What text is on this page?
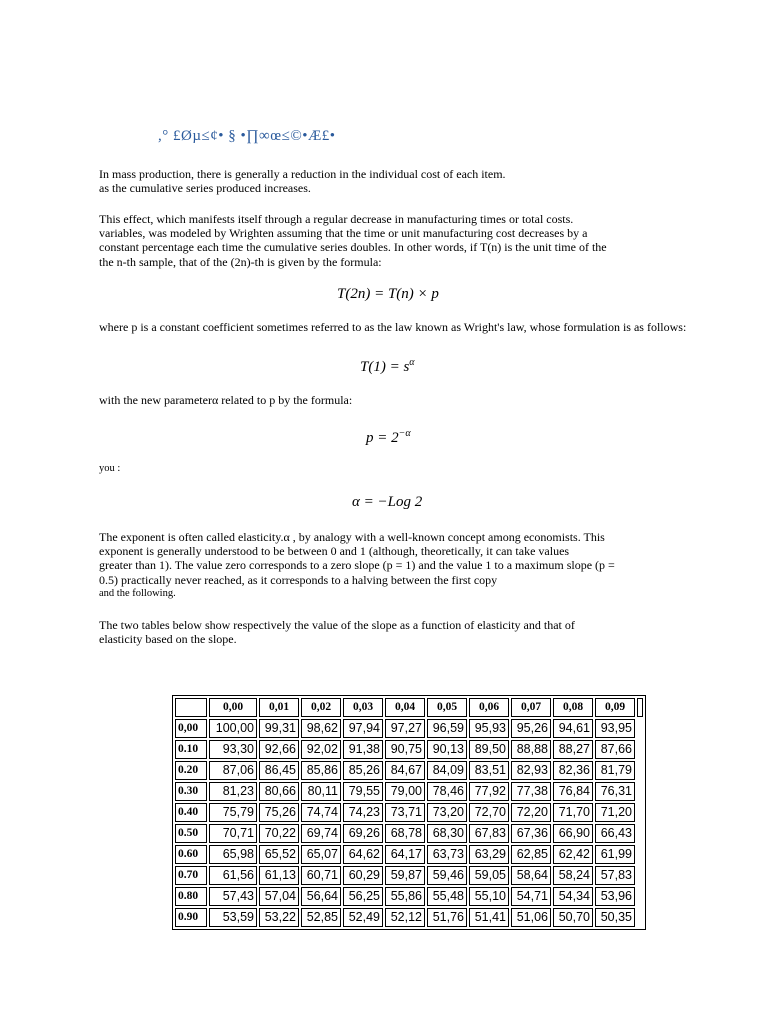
,° £Øµ≤¢• § •∏∞œ≤©•Æ£•
In mass production, there is generally a reduction in the individual cost of each item.
as the cumulative series produced increases.
This effect, which manifests itself through a regular decrease in manufacturing times or total costs.
variables, was modeled by Wrighten assuming that the time or unit manufacturing cost decreases by a
constant percentage each time the cumulative series doubles. In other words, if T(n) is the unit time of the
the n-th sample, that of the (2n)-th is given by the formula:
T(2n) = T(n) × p
where p is a constant coefficient sometimes referred to as the law known as Wright's law, whose formulation is as follows:
$T(1) = s^\alpha$
with the new parameterα related to p by the formula:
$p = 2^{-\alpha}$
you :
α = −Log 2
The exponent is often called elasticity.α , by analogy with a well-known concept among economists. This
exponent is generally understood to be between 0 and 1 (although, theoretically, it can take values
greater than 1). The value zero corresponds to a zero slope (p = 1) and the value 1 to a maximum slope (p =
0.5) practically never reached, as it corresponds to a halving between the first copy
and the following.
The two tables below show respectively the value of the slope as a function of elasticity and that of
elasticity based on the slope.
	0,00	0,01	0,02	0,03	0,04	0,05	0,06	0,07	0,08	0,09	
0,00	100,00	99,31	98,62	97,94	97,27	96,59	95,93	95,26	94,61	93,95	
0.10	93,30	92,66	92,02	91,38	90,75	90,13	89,50	88,88	88,27	87,66	
0.20	87,06	86,45	85,86	85,26	84,67	84,09	83,51	82,93	82,36	81,79	
0.30	81,23	80,66	80,11	79,55	79,00	78,46	77,92	77,38	76,84	76,31	
0.40	75,79	75,26	74,74	74,23	73,71	73,20	72,70	72,20	71,70	71,20	
0.50	70,71	70,22	69,74	69,26	68,78	68,30	67,83	67,36	66,90	66,43	
0.60	65,98	65,52	65,07	64,62	64,17	63,73	63,29	62,85	62,42	61,99	
0.70	61,56	61,13	60,71	60,29	59,87	59,46	59,05	58,64	58,24	57,83	
0.80	57,43	57,04	56,64	56,25	55,86	55,48	55,10	54,71	54,34	53,96	
0.90	53,59	53,22	52,85	52,49	52,12	51,76	51,41	51,06	50,70	50,35	
